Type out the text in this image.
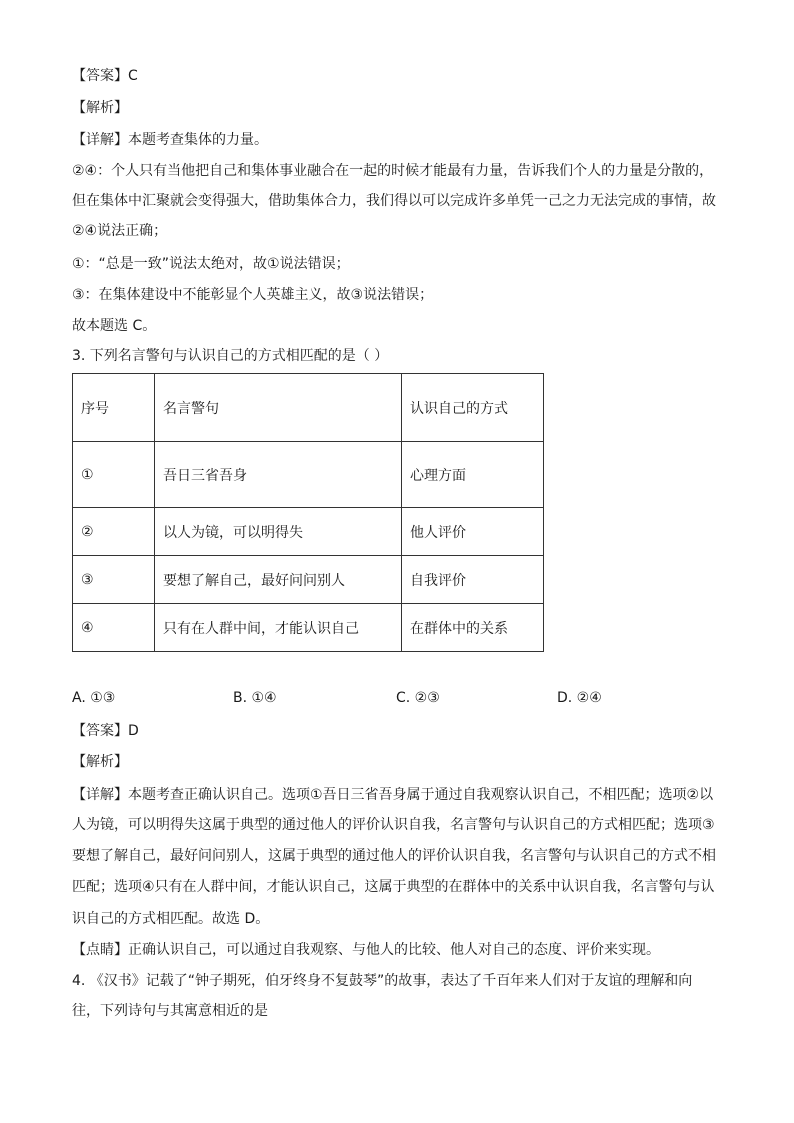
【答案】C
【解析】
【详解】本题考查集体的力量。
②④：个人只有当他把自己和集体事业融合在一起的时候才能最有力量，告诉我们个人的力量是分散的，
但在集体中汇聚就会变得强大，借助集体合力，我们得以可以完成许多单凭一己之力无法完成的事情，故
②④说法正确；
①：“总是一致”说法太绝对，故①说法错误；
③：在集体建设中不能彰显个人英雄主义，故③说法错误；
故本题选 C。
3. 下列名言警句与认识自己的方式相匹配的是（ ）
序号	名言警句	认识自己的方式
①	吾日三省吾身	心理方面
②	以人为镜，可以明得失	他人评价
③	要想了解自己，最好问问别人	自我评价
④	只有在人群中间，才能认识自己	在群体中的关系
A. ①③	B. ①④	C. ②③	D. ②④
【答案】D
【解析】
【详解】本题考查正确认识自己。选项①吾日三省吾身属于通过自我观察认识自己，不相匹配；选项②以
人为镜，可以明得失这属于典型的通过他人的评价认识自我，名言警句与认识自己的方式相匹配；选项③
要想了解自己，最好问问别人，这属于典型的通过他人的评价认识自我，名言警句与认识自己的方式不相
匹配；选项④只有在人群中间，才能认识自己，这属于典型的在群体中的关系中认识自我，名言警句与认
识自己的方式相匹配。故选 D。
【点睛】正确认识自己，可以通过自我观察、与他人的比较、他人对自己的态度、评价来实现。
4. 《汉书》记载了“钟子期死，伯牙终身不复鼓琴”的故事，表达了千百年来人们对于友谊的理解和向
往，下列诗句与其寓意相近的是
